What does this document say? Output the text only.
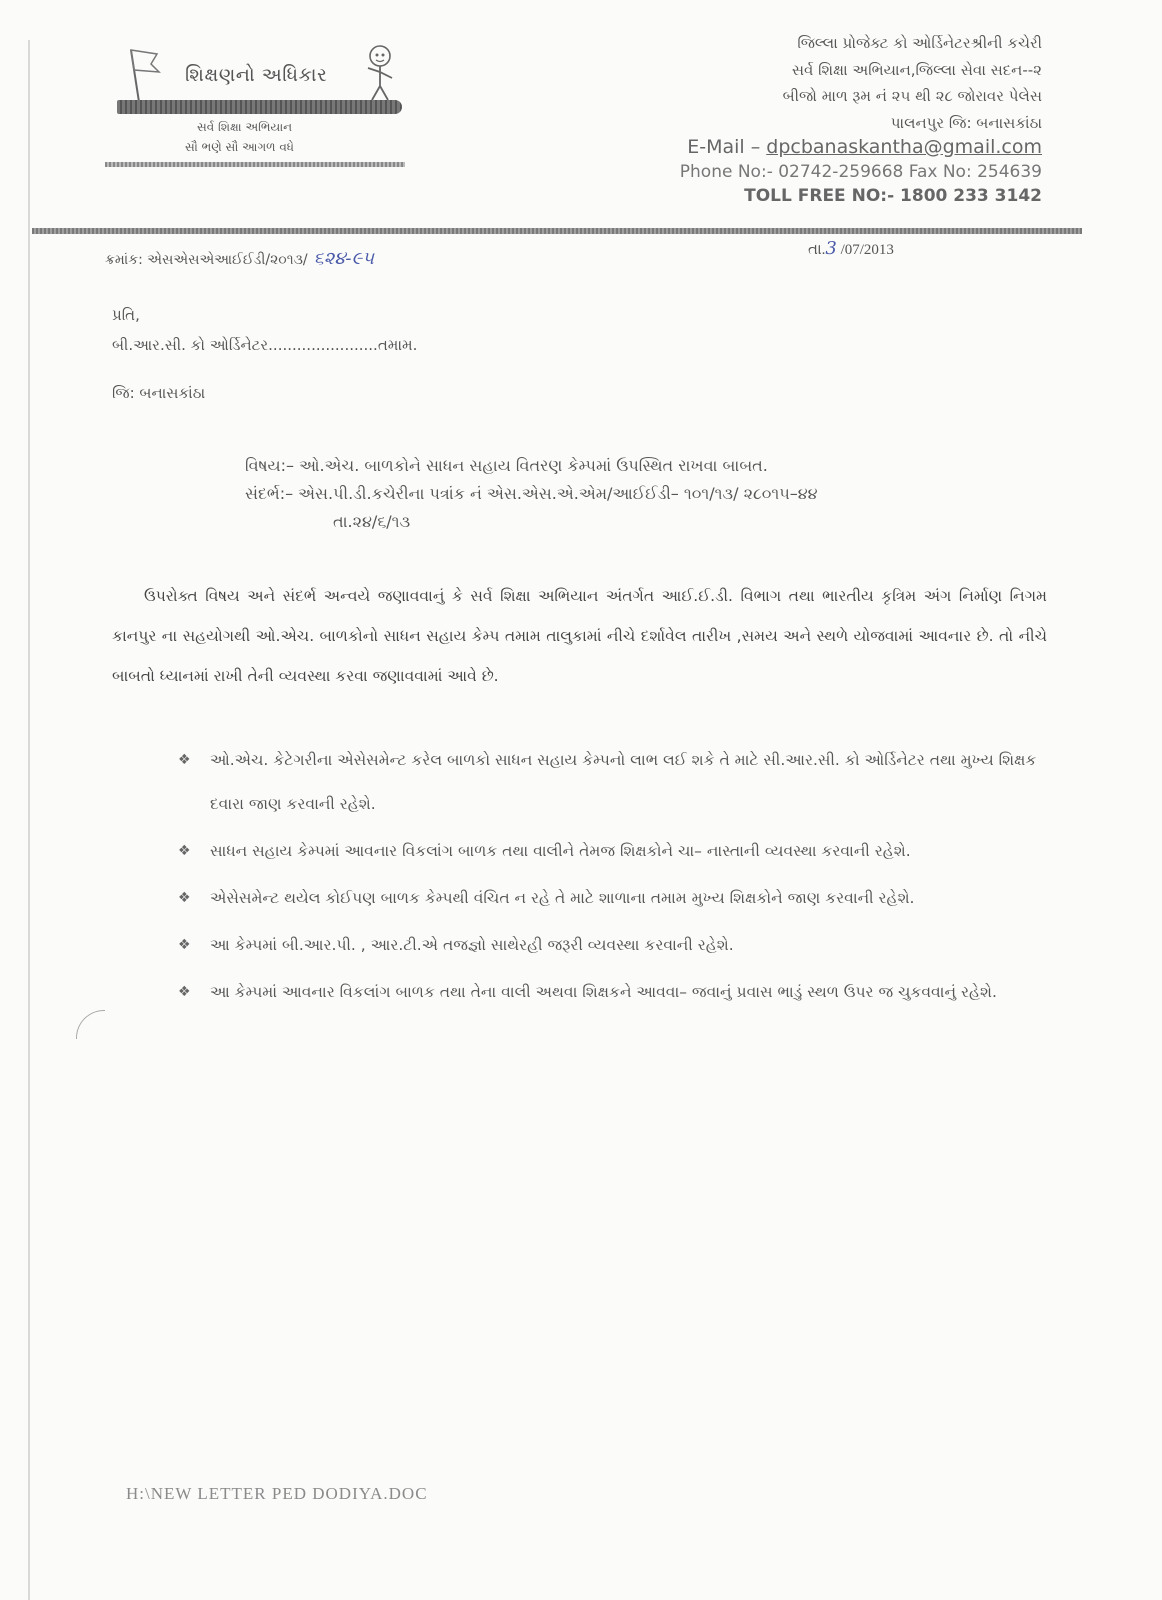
શિક્ષણનો અધિકાર
સર્વ શિક્ષા અભિયાન
સૌ ભણે સૌ આગળ વધે
જિલ્લા પ્રોજેક્ટ કો ઓર્ડિનેટરશ્રીની કચેરી
સર્વ શિક્ષા અભિયાન,જિલ્લા સેવા સદન--૨
બીજો માળ રૂમ નં ૨૫ થી ૨૮ જોરાવર પેલેસ
પાલનપુર જિ: બનાસકાંઠા
E-Mail – dpcbanaskantha@gmail.com
Phone No:- 02742-259668 Fax No: 254639
TOLL FREE NO:- 1800 233 3142
ક્રમાંક: એસએસએઆઈઈડી/૨૦૧૩/ ૬૨૪-૯૫	તા.3 /07/2013
પ્રતિ,
બી.આર.સી. કો ઓર્ડિનેટર.......................તમામ.
જિ: બનાસકાંઠા
વિષય:– ઓ.એચ. બાળકોને સાધન સહાય વિતરણ કેમ્પમાં ઉપસ્થિત રાખવા બાબત.
સંદર્ભ:– એસ.પી.ડી.કચેરીના પત્રાંક નં એસ.એસ.એ.એમ/આઈઈડી– ૧૦૧/૧૩/ ૨૮૦૧૫–૪૪
તા.૨૪/૬/૧૩
ઉપરોક્ત વિષય અને સંદર્ભ અન્વયે જણાવવાનું કે સર્વ શિક્ષા અભિયાન અંતર્ગત આઈ.ઈ.ડી. વિભાગ તથા ભારતીય કૃત્રિમ અંગ નિર્માણ નિગમ કાનપુર ના સહયોગથી ઓ.એચ. બાળકોનો સાધન સહાય કેમ્પ તમામ તાલુકામાં નીચે દર્શાવેલ તારીખ ,સમય અને સ્થળે યોજવામાં આવનાર છે. તો નીચે બાબતો ધ્યાનમાં રાખી તેની વ્યવસ્થા કરવા જણાવવામાં આવે છે.
❖ ઓ.એચ. કેટેગરીના એસેસમેન્ટ કરેલ બાળકો સાધન સહાય કેમ્પનો લાભ લઈ શકે તે માટે સી.આર.સી. કો ઓર્ડિનેટર તથા મુખ્ય શિક્ષક દવારા જાણ કરવાની રહેશે.
❖ સાધન સહાય કેમ્પમાં આવનાર વિકલાંગ બાળક તથા વાલીને તેમજ શિક્ષકોને ચા– નાસ્તાની વ્યવસ્થા કરવાની રહેશે.
❖ એસેસમેન્ટ થયેલ કોઈપણ બાળક કેમ્પથી વંચિત ન રહે તે માટે શાળાના તમામ મુખ્ય શિક્ષકોને જાણ કરવાની રહેશે.
❖ આ કેમ્પમાં બી.આર.પી. , આર.ટી.એ તજજ્ઞો સાથેરહી જરૂરી વ્યવસ્થા કરવાની રહેશે.
❖ આ કેમ્પમાં આવનાર વિકલાંગ બાળક તથા તેના વાલી અથવા શિક્ષકને આવવા– જવાનું પ્રવાસ ભાડું સ્થળ ઉપર જ ચુકવવાનું રહેશે.
H:\NEW LETTER PED DODIYA.DOC
